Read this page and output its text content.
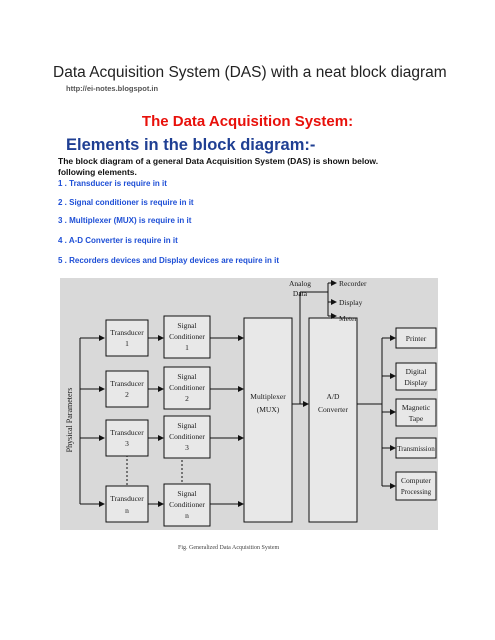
Data Acquisition System (DAS) with a neat block diagram
http://ei-notes.blogspot.in
The Data Acquisition System:
Elements in the block diagram:-
The block diagram of a general Data Acquisition System (DAS) is shown below.
following elements.
1 . Transducer is require in it
2 . Signal conditioner is require in it
3 . Multiplexer (MUX) is require in it
4 . A-D Converter is require in it
5 . Recorders devices and Display devices are require in it
Physical Parameters
Transducer
1
Signal
Conditioner
1
Transducer
2
Signal
Conditioner
2
Transducer
3
Signal
Conditioner
3
Transducer
n
Signal
Conditioner
n
Multiplexer
(MUX)
A/D
Converter
Analog
Data
Recorder
Display
Meter
Printer
Digital
Display
Magnetic
Tape
Transmission
Computer
Processing
Fig. Generalized Data Acquisition System
